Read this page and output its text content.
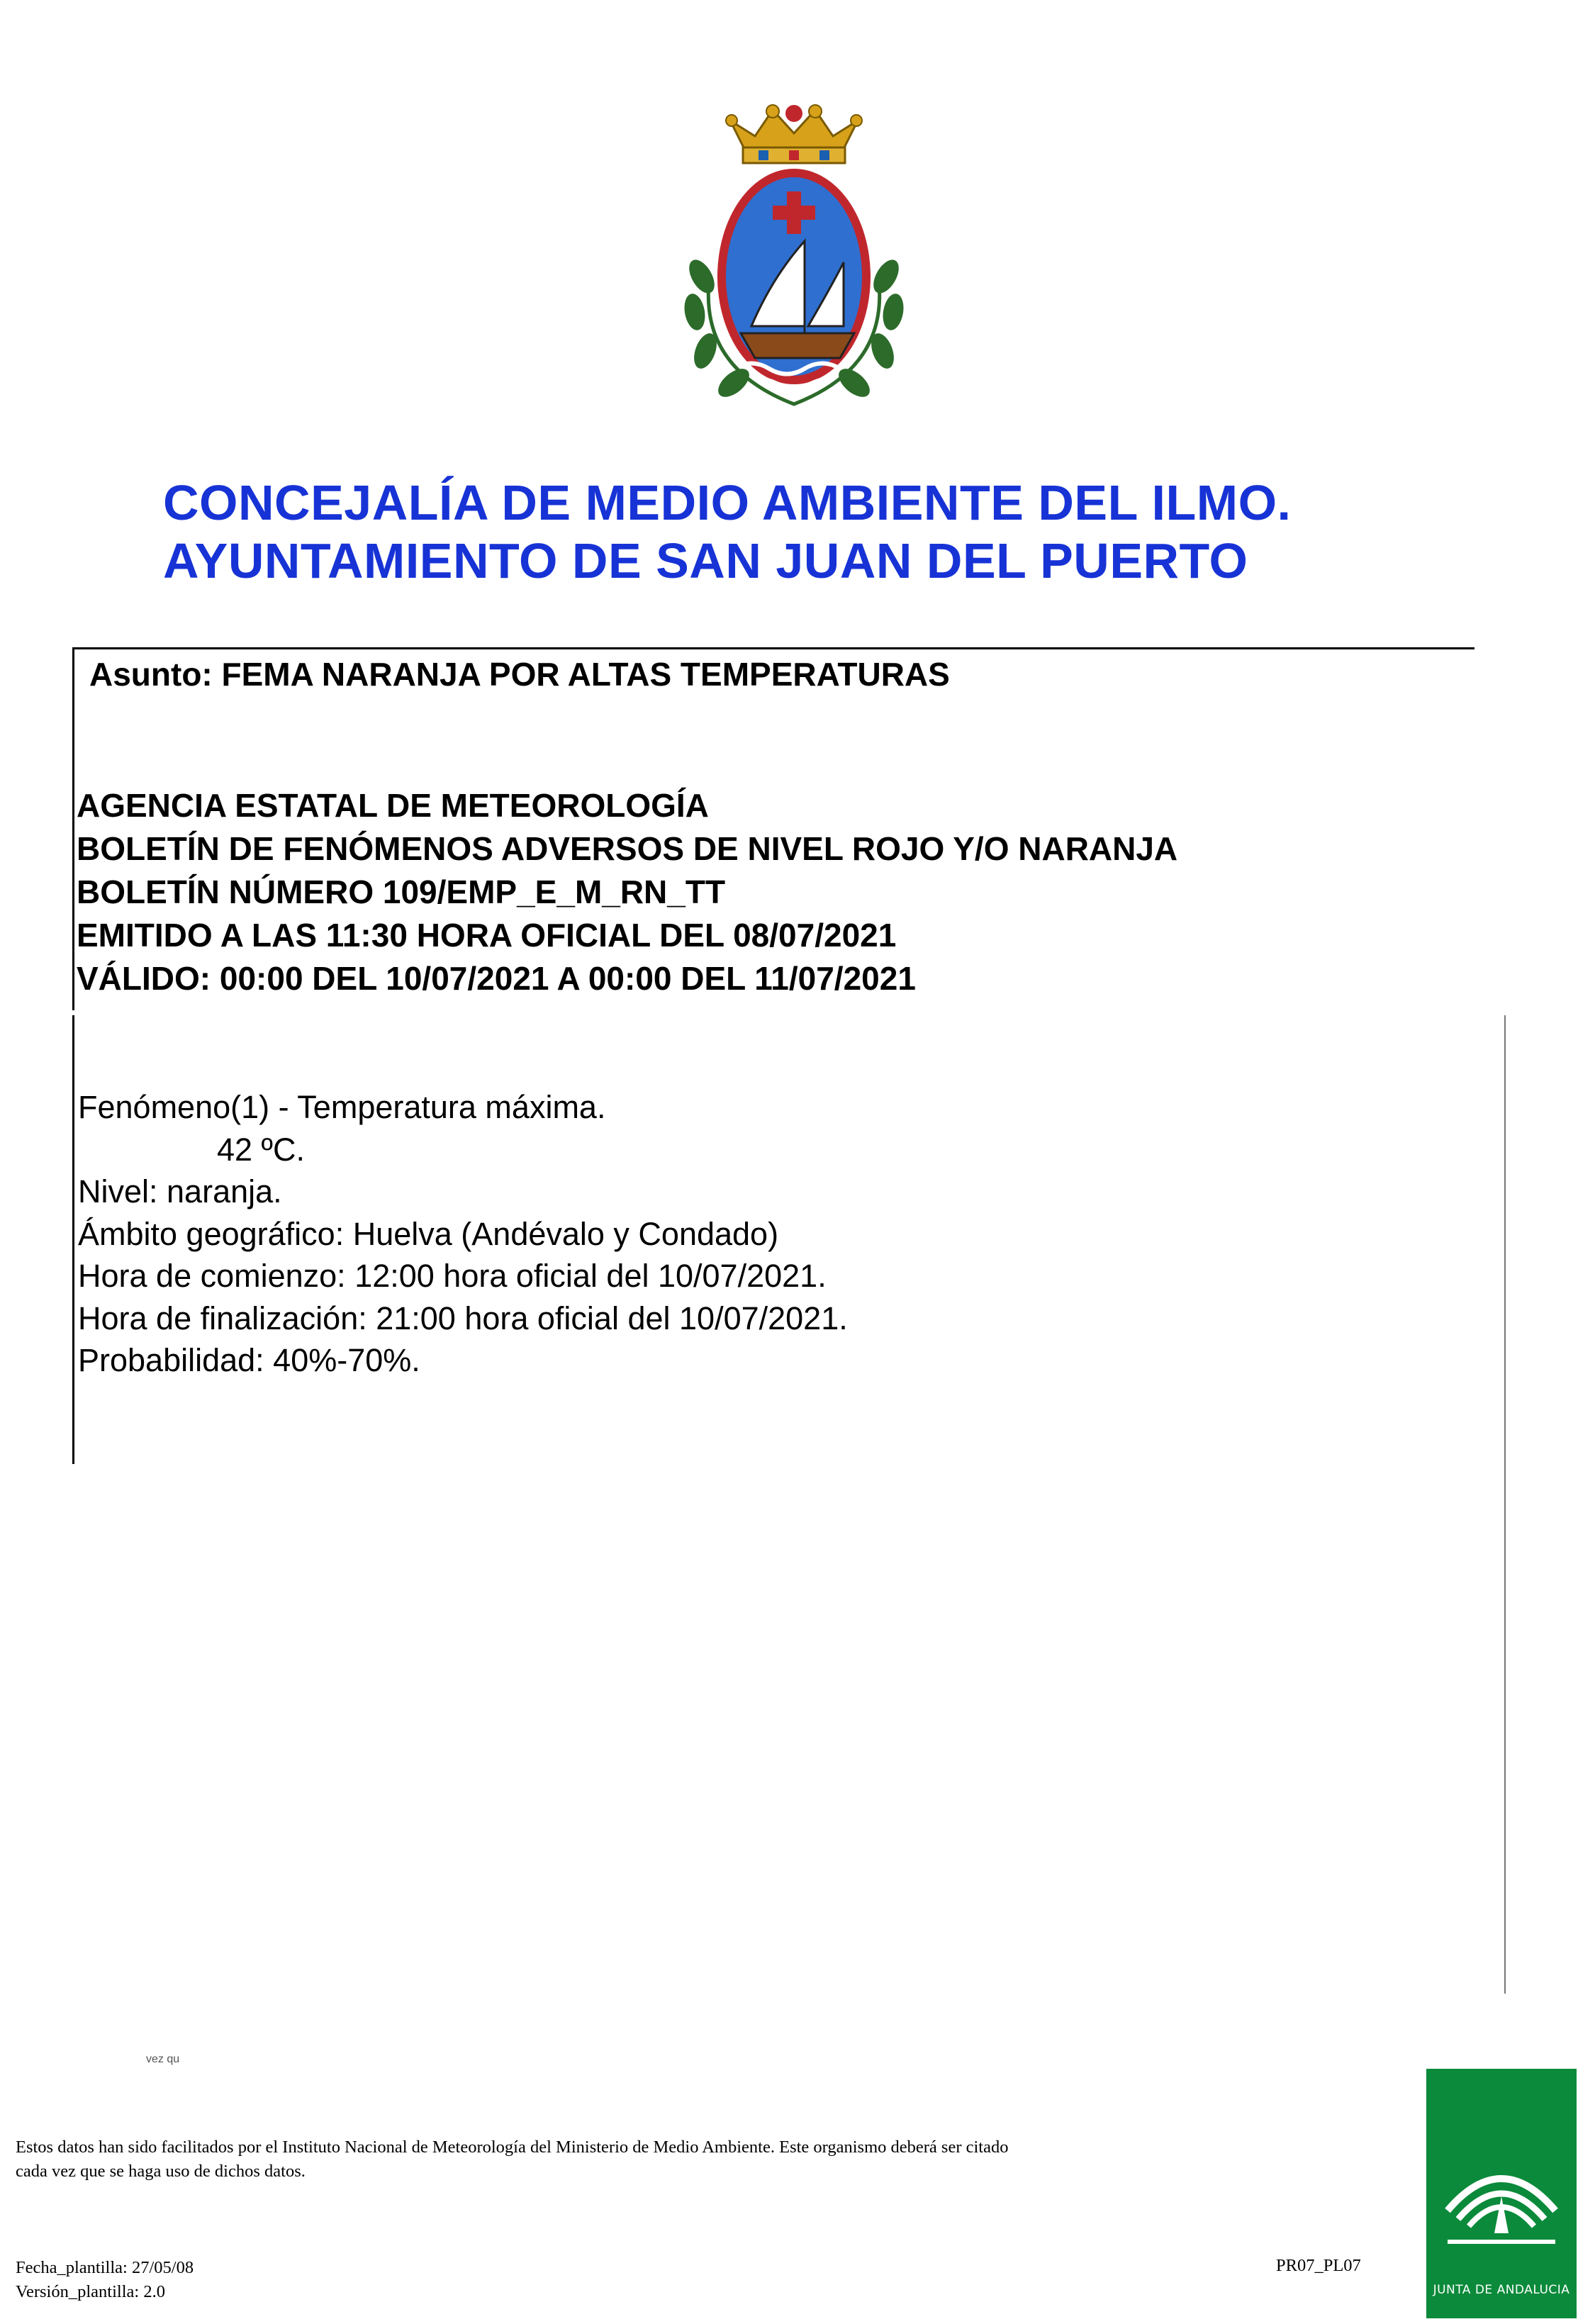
CONCEJALÍA DE MEDIO AMBIENTE DEL ILMO.
AYUNTAMIENTO DE SAN JUAN DEL PUERTO
Asunto: FEMA NARANJA POR ALTAS TEMPERATURAS
AGENCIA ESTATAL DE METEOROLOGÍA
BOLETÍN DE FENÓMENOS ADVERSOS DE NIVEL ROJO Y/O NARANJA
BOLETÍN NÚMERO 109/EMP_E_M_RN_TT
EMITIDO A LAS 11:30 HORA OFICIAL DEL 08/07/2021
VÁLIDO: 00:00 DEL 10/07/2021 A 00:00 DEL 11/07/2021
Fenómeno(1) - Temperatura máxima.
42 ºC.
Nivel: naranja.
Ámbito geográfico: Huelva (Andévalo y Condado)
Hora de comienzo: 12:00 hora oficial del 10/07/2021.
Hora de finalización: 21:00 hora oficial del 10/07/2021.
Probabilidad: 40%-70%.
vez qu
Estos datos han sido facilitados por el Instituto Nacional de Meteorología del Ministerio de Medio Ambiente. Este organismo deberá ser citado
cada vez que se haga uso de dichos datos.
Fecha_plantilla: 27/05/08
Versión_plantilla: 2.0
PR07_PL07
JUNTA DE ANDALUCIA
